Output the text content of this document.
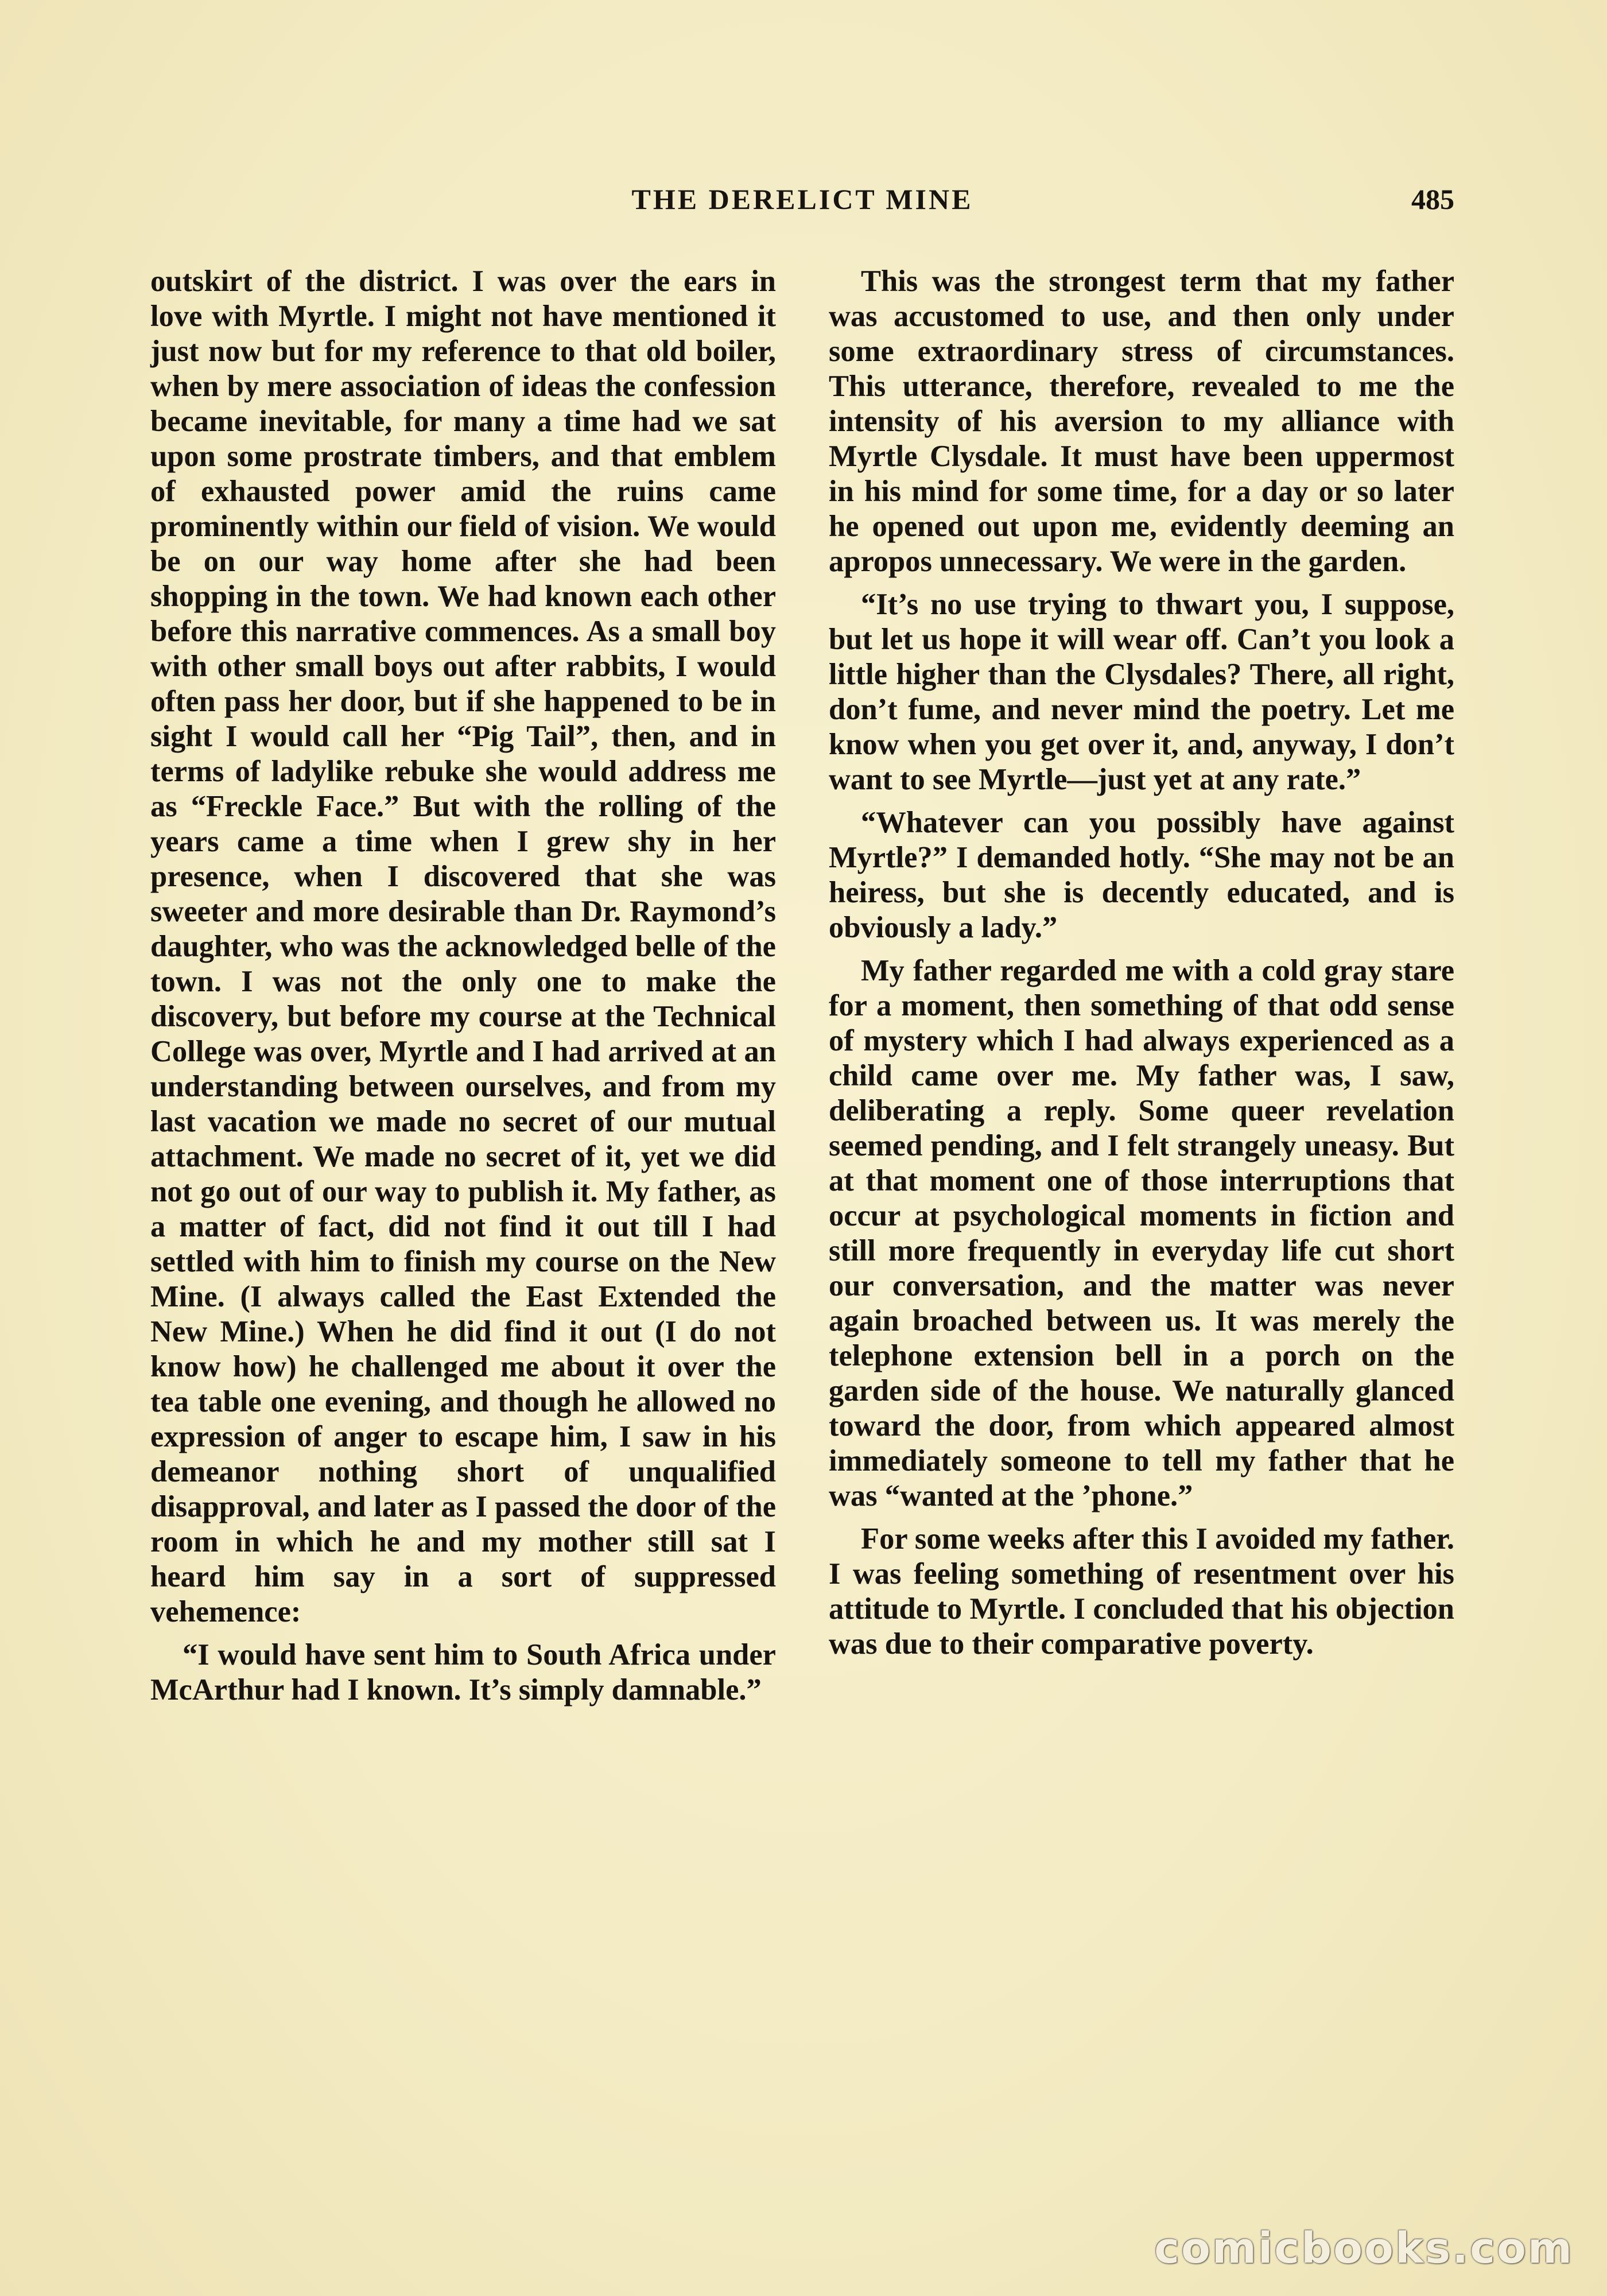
THE DERELICT MINE	485

outskirt of the district. I was over the ears in love with Myrtle. I might not have mentioned it just now but for my reference to that old boiler, when by mere association of ideas the confession became inevitable, for many a time had we sat upon some prostrate timbers, and that emblem of exhausted power amid the ruins came prominently within our field of vision. We would be on our way home after she had been shopping in the town. We had known each other before this narrative commences. As a small boy with other small boys out after rabbits, I would often pass her door, but if she happened to be in sight I would call her “Pig Tail”, then, and in terms of ladylike rebuke she would address me as “Freckle Face.” But with the rolling of the years came a time when I grew shy in her presence, when I discovered that she was sweeter and more desirable than Dr. Raymond’s daughter, who was the acknowledged belle of the town. I was not the only one to make the discovery, but before my course at the Technical College was over, Myrtle and I had arrived at an understanding between ourselves, and from my last vacation we made no secret of our mutual attachment. We made no secret of it, yet we did not go out of our way to publish it. My father, as a matter of fact, did not find it out till I had settled with him to finish my course on the New Mine. (I always called the East Extended the New Mine.) When he did find it out (I do not know how) he challenged me about it over the tea table one evening, and though he allowed no expression of anger to escape him, I saw in his demeanor nothing short of unqualified disapproval, and later as I passed the door of the room in which he and my mother still sat I heard him say in a sort of suppressed vehemence:

“I would have sent him to South Africa under McArthur had I known. It’s simply damnable.”

This was the strongest term that my father was accustomed to use, and then only under some extraordinary stress of circumstances. This utterance, therefore, revealed to me the intensity of his aversion to my alliance with Myrtle Clysdale. It must have been uppermost in his mind for some time, for a day or so later he opened out upon me, evidently deeming an apropos unnecessary. We were in the garden.

“It’s no use trying to thwart you, I suppose, but let us hope it will wear off. Can’t you look a little higher than the Clysdales? There, all right, don’t fume, and never mind the poetry. Let me know when you get over it, and, anyway, I don’t want to see Myrtle—just yet at any rate.”

“Whatever can you possibly have against Myrtle?” I demanded hotly. “She may not be an heiress, but she is decently educated, and is obviously a lady.”

My father regarded me with a cold gray stare for a moment, then something of that odd sense of mystery which I had always experienced as a child came over me. My father was, I saw, deliberating a reply. Some queer revelation seemed pending, and I felt strangely uneasy. But at that moment one of those interruptions that occur at psychological moments in fiction and still more frequently in everyday life cut short our conversation, and the matter was never again broached between us. It was merely the telephone extension bell in a porch on the garden side of the house. We naturally glanced toward the door, from which appeared almost immediately someone to tell my father that he was “wanted at the ’phone.”

For some weeks after this I avoided my father. I was feeling something of resentment over his attitude to Myrtle. I concluded that his objection was due to their comparative poverty.

comicbooks.com
